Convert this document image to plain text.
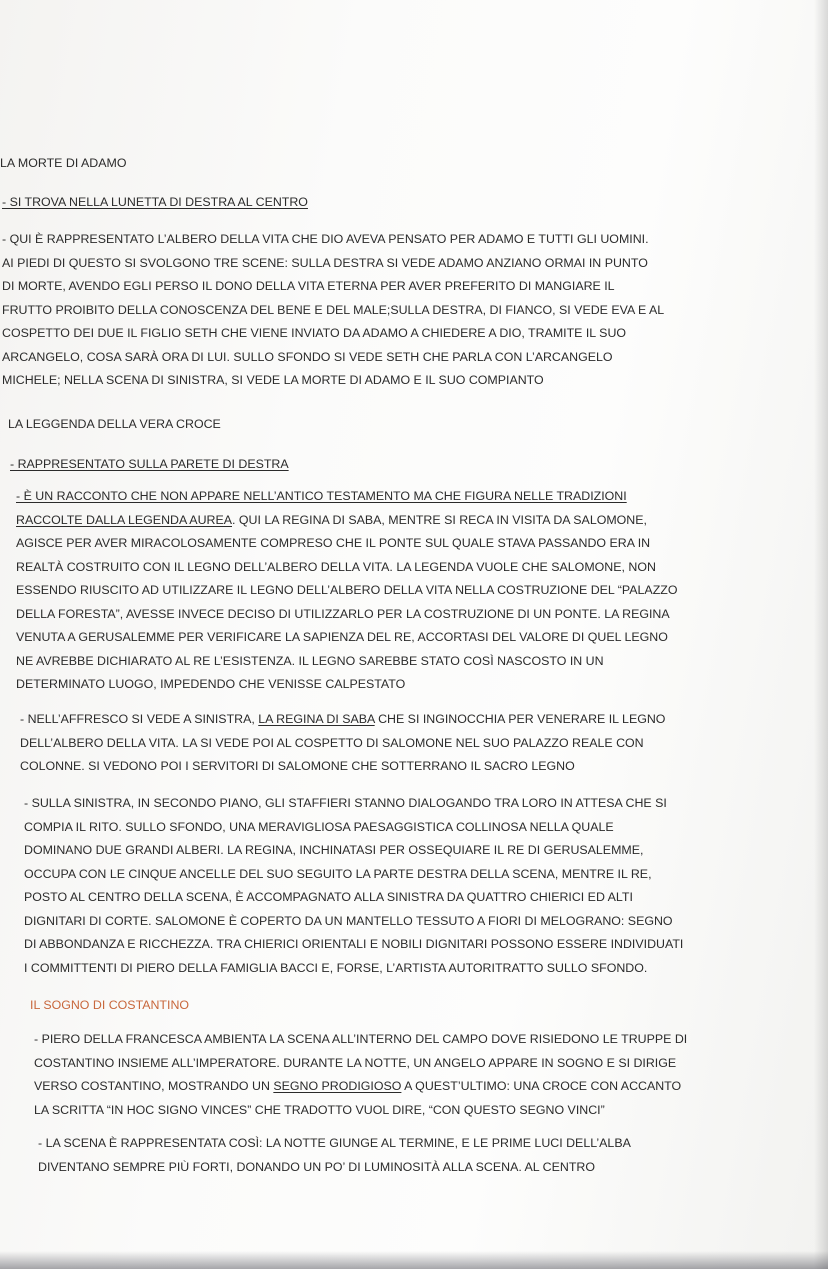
LA MORTE DI ADAMO

- SI TROVA NELLA LUNETTA DI DESTRA AL CENTRO

- QUI È RAPPRESENTATO L’ALBERO DELLA VITA CHE DIO AVEVA PENSATO PER ADAMO E TUTTI GLI UOMINI.

AI PIEDI DI QUESTO SI SVOLGONO TRE SCENE: SULLA DESTRA SI VEDE ADAMO ANZIANO ORMAI IN PUNTO

DI MORTE, AVENDO EGLI PERSO IL DONO DELLA VITA ETERNA PER AVER PREFERITO DI MANGIARE IL

FRUTTO PROIBITO DELLA CONOSCENZA DEL BENE E DEL MALE;SULLA DESTRA, DI FIANCO, SI VEDE EVA E AL

COSPETTO DEI DUE IL FIGLIO SETH CHE VIENE INVIATO DA ADAMO A CHIEDERE A DIO, TRAMITE IL SUO

ARCANGELO, COSA SARÀ ORA DI LUI. SULLO SFONDO SI VEDE SETH CHE PARLA CON L’ARCANGELO

MICHELE; NELLA SCENA DI SINISTRA, SI VEDE LA MORTE DI ADAMO E IL SUO COMPIANTO

LA LEGGENDA DELLA VERA CROCE

- RAPPRESENTATO SULLA PARETE DI DESTRA

- È UN RACCONTO CHE NON APPARE NELL’ANTICO TESTAMENTO MA CHE FIGURA NELLE TRADIZIONI

RACCOLTE DALLA LEGENDA AUREA. QUI LA REGINA DI SABA, MENTRE SI RECA IN VISITA DA SALOMONE,

AGISCE PER AVER MIRACOLOSAMENTE COMPRESO CHE IL PONTE SUL QUALE STAVA PASSANDO ERA IN

REALTÀ COSTRUITO CON IL LEGNO DELL’ALBERO DELLA VITA. LA LEGENDA VUOLE CHE SALOMONE, NON

ESSENDO RIUSCITO AD UTILIZZARE IL LEGNO DELL’ALBERO DELLA VITA NELLA COSTRUZIONE DEL “PALAZZO

DELLA FORESTA”, AVESSE INVECE DECISO DI UTILIZZARLO PER LA COSTRUZIONE DI UN PONTE. LA REGINA

VENUTA A GERUSALEMME PER VERIFICARE LA SAPIENZA DEL RE, ACCORTASI DEL VALORE DI QUEL LEGNO

NE AVREBBE DICHIARATO AL RE L’ESISTENZA. IL LEGNO SAREBBE STATO COSÌ NASCOSTO IN UN

DETERMINATO LUOGO, IMPEDENDO CHE VENISSE CALPESTATO

- NELL’AFFRESCO SI VEDE A SINISTRA, LA REGINA DI SABA CHE SI INGINOCCHIA PER VENERARE IL LEGNO

DELL’ALBERO DELLA VITA. LA SI VEDE POI AL COSPETTO DI SALOMONE NEL SUO PALAZZO REALE CON

COLONNE. SI VEDONO POI I SERVITORI DI SALOMONE CHE SOTTERRANO IL SACRO LEGNO

- SULLA SINISTRA, IN SECONDO PIANO, GLI STAFFIERI STANNO DIALOGANDO TRA LORO IN ATTESA CHE SI

COMPIA IL RITO. SULLO SFONDO, UNA MERAVIGLIOSA PAESAGGISTICA COLLINOSA NELLA QUALE

DOMINANO DUE GRANDI ALBERI. LA REGINA, INCHINATASI PER OSSEQUIARE IL RE DI GERUSALEMME,

OCCUPA CON LE CINQUE ANCELLE DEL SUO SEGUITO LA PARTE DESTRA DELLA SCENA, MENTRE IL RE,

POSTO AL CENTRO DELLA SCENA, È ACCOMPAGNATO ALLA SINISTRA DA QUATTRO CHIERICI ED ALTI

DIGNITARI DI CORTE. SALOMONE È COPERTO DA UN MANTELLO TESSUTO A FIORI DI MELOGRANO: SEGNO

DI ABBONDANZA E RICCHEZZA. TRA CHIERICI ORIENTALI E NOBILI DIGNITARI POSSONO ESSERE INDIVIDUATI

I COMMITTENTI DI PIERO DELLA FAMIGLIA BACCI E, FORSE, L’ARTISTA AUTORITRATTO SULLO SFONDO.

IL SOGNO DI COSTANTINO

- PIERO DELLA FRANCESCA AMBIENTA LA SCENA ALL’INTERNO DEL CAMPO DOVE RISIEDONO LE TRUPPE DI

COSTANTINO INSIEME ALL’IMPERATORE. DURANTE LA NOTTE, UN ANGELO APPARE IN SOGNO E SI DIRIGE

VERSO COSTANTINO, MOSTRANDO UN SEGNO PRODIGIOSO A QUEST’ULTIMO: UNA CROCE CON ACCANTO

LA SCRITTA “IN HOC SIGNO VINCES” CHE TRADOTTO VUOL DIRE, “CON QUESTO SEGNO VINCI”

- LA SCENA È RAPPRESENTATA COSÌ: LA NOTTE GIUNGE AL TERMINE, E LE PRIME LUCI DELL’ALBA

DIVENTANO SEMPRE PIÙ FORTI, DONANDO UN PO’ DI LUMINOSITÀ ALLA SCENA. AL CENTRO
